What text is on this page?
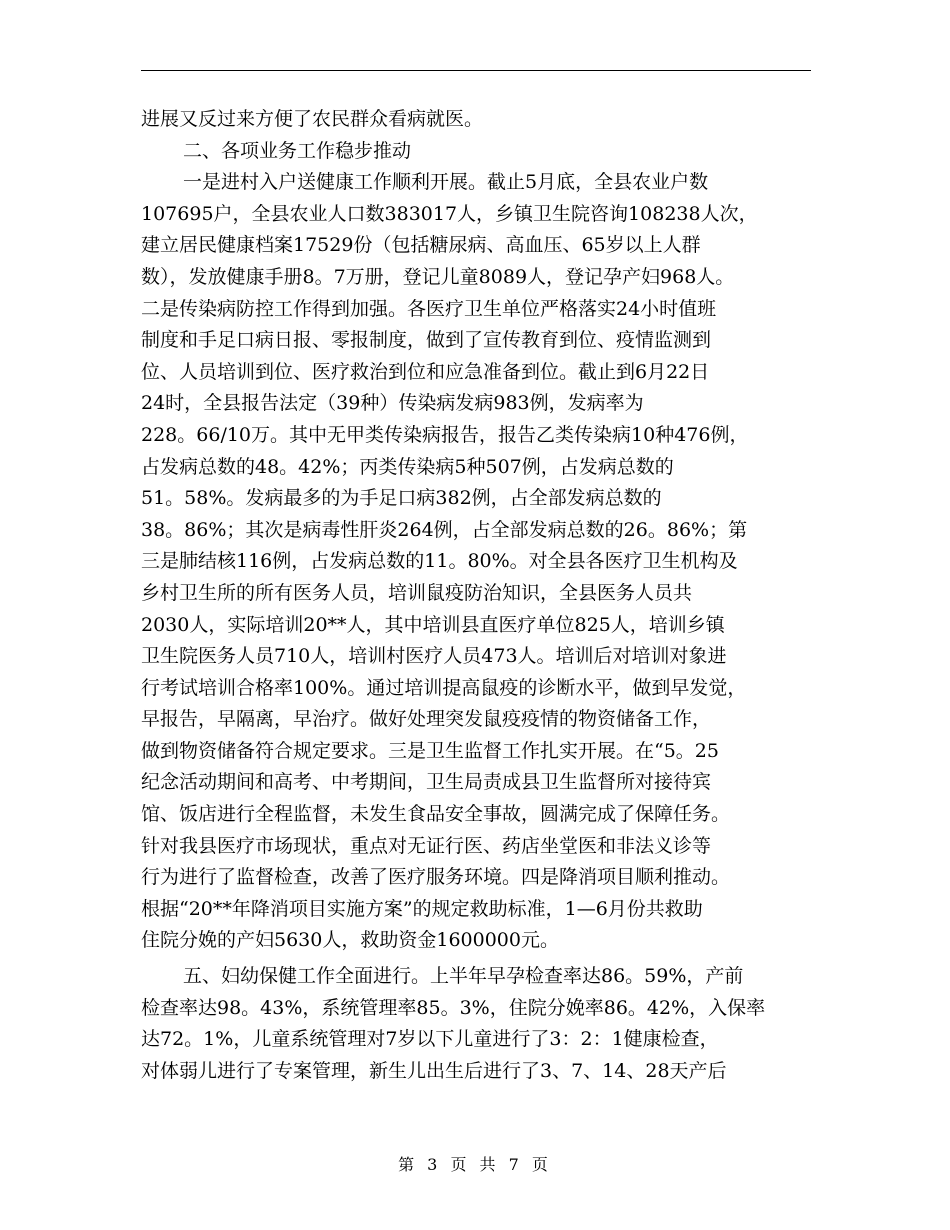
进展又反过来方便了农民群众看病就医。
二、各项业务工作稳步推动
一是进村入户送健康工作顺利开展。截止5月底，全县农业户数
107695户，全县农业人口数383017人，乡镇卫生院咨询108238人次，
建立居民健康档案17529份（包括糖尿病、高血压、65岁以上人群
数），发放健康手册8。7万册，登记儿童8089人，登记孕产妇968人。
二是传染病防控工作得到加强。各医疗卫生单位严格落实24小时值班
制度和手足口病日报、零报制度，做到了宣传教育到位、疫情监测到
位、人员培训到位、医疗救治到位和应急准备到位。截止到6月22日
24时，全县报告法定（39种）传染病发病983例，发病率为
228。66/10万。其中无甲类传染病报告，报告乙类传染病10种476例，
占发病总数的48。42%；丙类传染病5种507例，占发病总数的
51。58%。发病最多的为手足口病382例，占全部发病总数的
38。86%；其次是病毒性肝炎264例，占全部发病总数的26。86%；第
三是肺结核116例，占发病总数的11。80%。对全县各医疗卫生机构及
乡村卫生所的所有医务人员，培训鼠疫防治知识，全县医务人员共
2030人，实际培训20**人，其中培训县直医疗单位825人，培训乡镇
卫生院医务人员710人，培训村医疗人员473人。培训后对培训对象进
行考试培训合格率100%。通过培训提高鼠疫的诊断水平，做到早发觉，
早报告，早隔离，早治疗。做好处理突发鼠疫疫情的物资储备工作，
做到物资储备符合规定要求。三是卫生监督工作扎实开展。在“5。25
纪念活动期间和高考、中考期间，卫生局责成县卫生监督所对接待宾
馆、饭店进行全程监督，未发生食品安全事故，圆满完成了保障任务。
针对我县医疗市场现状，重点对无证行医、药店坐堂医和非法义诊等
行为进行了监督检查，改善了医疗服务环境。四是降消项目顺利推动。
根据“20**年降消项目实施方案”的规定救助标准，1—6月份共救助
住院分娩的产妇5630人，救助资金1600000元。
五、妇幼保健工作全面进行。上半年早孕检查率达86。59%，产前
检查率达98。43%，系统管理率85。3%，住院分娩率86。42%，入保率
达72。1%，儿童系统管理对7岁以下儿童进行了3：2：1健康检查，
对体弱儿进行了专案管理，新生儿出生后进行了3、7、14、28天产后
第 3 页 共 7 页
